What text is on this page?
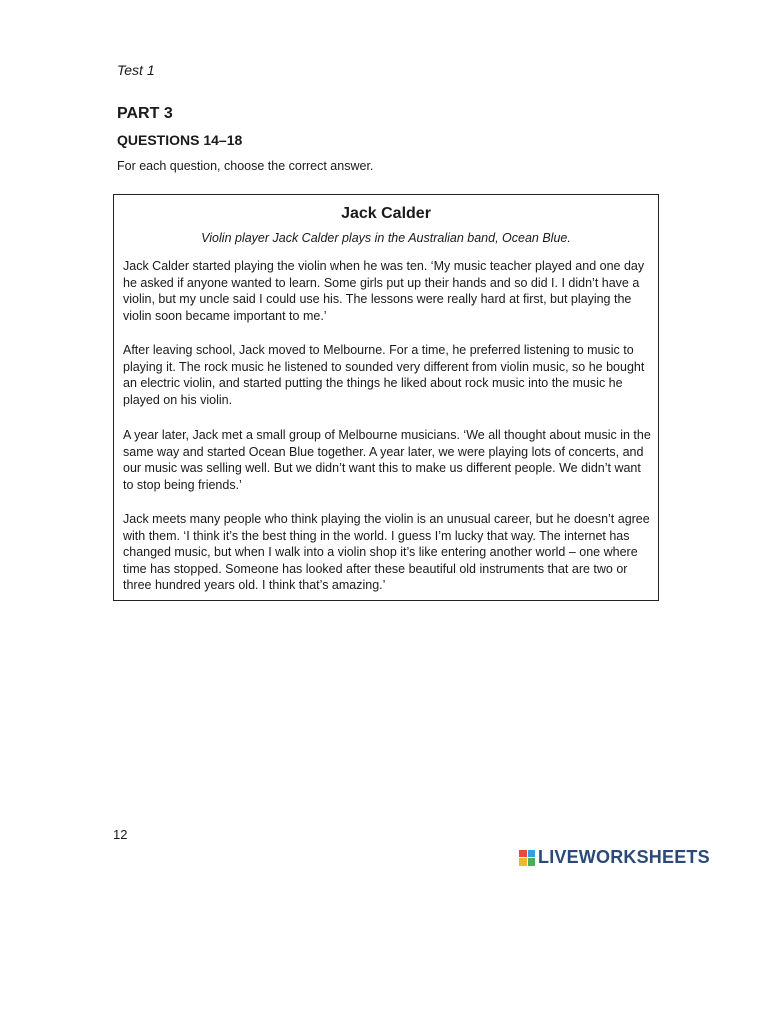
Test 1
PART 3
QUESTIONS 14–18
For each question, choose the correct answer.
Jack Calder
Violin player Jack Calder plays in the Australian band, Ocean Blue.

Jack Calder started playing the violin when he was ten. ‘My music teacher played and one day he asked if anyone wanted to learn. Some girls put up their hands and so did I. I didn’t have a violin, but my uncle said I could use his. The lessons were really hard at first, but playing the violin soon became important to me.’

After leaving school, Jack moved to Melbourne. For a time, he preferred listening to music to playing it. The rock music he listened to sounded very different from violin music, so he bought an electric violin, and started putting the things he liked about rock music into the music he played on his violin.

A year later, Jack met a small group of Melbourne musicians. ‘We all thought about music in the same way and started Ocean Blue together. A year later, we were playing lots of concerts, and our music was selling well. But we didn’t want this to make us different people. We didn’t want to stop being friends.’

Jack meets many people who think playing the violin is an unusual career, but he doesn’t agree with them. ‘I think it’s the best thing in the world. I guess I’m lucky that way. The internet has changed music, but when I walk into a violin shop it’s like entering another world – one where time has stopped. Someone has looked after these beautiful old instruments that are two or three hundred years old. I think that’s amazing.’

12
LIVEWORKSHEETS
